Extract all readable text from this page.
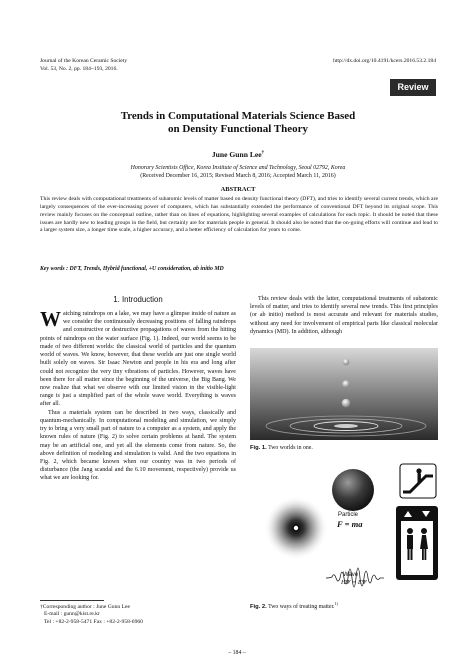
Journal of the Korean Ceramic Society
Vol. 53, No. 2, pp. 184~193, 2016.
http://dx.doi.org/10.4191/kcers.2016.53.2.184
Review
Trends in Computational Materials Science Based
on Density Functional Theory
June Gunn Lee†
Honorary Scientists Office, Korea Institute of Science and Technology, Seoul 02792, Korea
(Received December 16, 2015; Revised March 8, 2016; Accepted March 11, 2016)
ABSTRACT
This review deals with computational treatments of subatomic levels of matter based on density functional theory (DFT), and tries to identify several current trends, which are largely consequences of the ever-increasing power of computers, which has substantially extended the performance of conventional DFT beyond its original scope. This review mainly focuses on the conceptual outline, rather than on lines of equations, highlighting several examples of calculations for each topic. It should be noted that these issues are hardly new to leading groups in the field, but certainly are for materials people in general. It should also be noted that the on-going efforts will continue and lead to a larger system size, a longer time scale, a higher accuracy, and a better efficiency of calculation for years to come.
Key words : DFT, Trends, Hybrid functional, +U consideration, ab initio MD
1. Introduction

Watching raindrops on a lake, we may have a glimpse inside of nature as we consider the continuously decreasing positions of falling raindrops and constructive or destructive propagations of waves from the hitting points of raindrops on the water surface (Fig. 1). Indeed, our world seems to be made of two different worlds: the classical world of particles and the quantum world of waves. We know, however, that these worlds are just one single world built solely on waves. Sir Isaac Newton and people in his era and long after could not recognize the very tiny vibrations of particles. However, waves have been there for all matter since the beginning of the universe, the Big Bang. We now realize that what we observe with our limited vision in the visible-light range is just a simplified part of the whole wave world. Everything is waves after all.

Thus a materials system can be described in two ways, classically and quantum-mechanically. In computational modeling and simulation, we simply try to bring a very small part of nature to a computer as a system, and apply the known rules of nature (Fig. 2) to solve certain problems at hand. The system may be an artificial one, and yet all the elements come from nature. So, the above definition of modeling and simulation is valid. And the two equations in Fig. 2, which became known when our country was in two periods of disturbance (the Jang scandal and the 6.10 movement, respectively) provide us what we are looking for.

This review deals with the latter, computational treatments of subatomic levels of matter, and tries to identify several new trends. This first principles (or ab initio) method is most accurate and relevant for materials studies, without any need for involvement of empirical parts like classical molecular dynamics (MD). In addition, although
Fig. 1. Two worlds in one.
Particle
F = ma
Wave
HΨ = EΨ
Fig. 2. Two ways of treating matter.$^{1)}$
†Corresponding author : June Gunn Lee
E-mail : gunn@kist.re.kr
Tel : +82-2-958-5471 Fax : +82-2-958-6960
– 184 –
